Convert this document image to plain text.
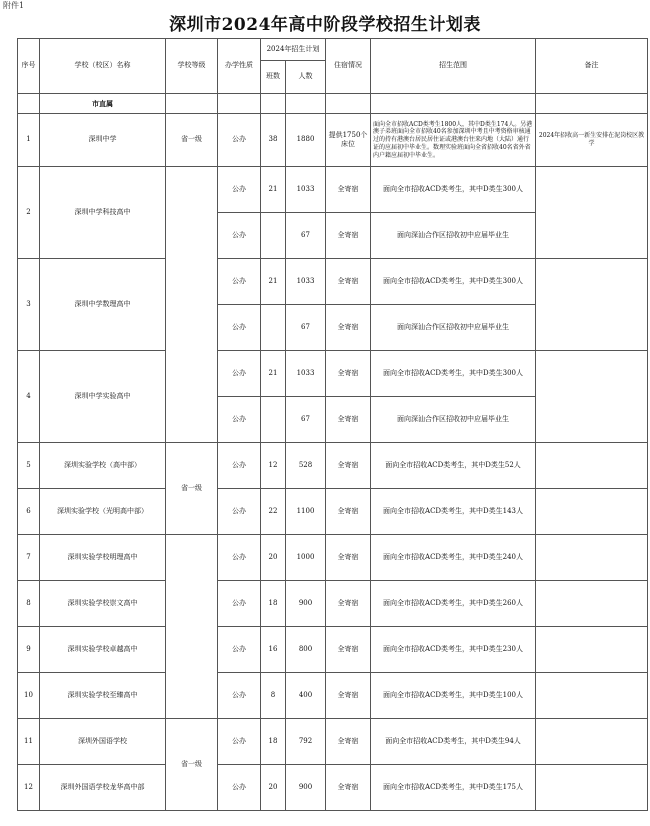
附件1
深圳市2024年高中阶段学校招生计划表
序号	学校（校区）名称	学校等级	办学性质	2024年招生计划		住宿情况	招生范围	备注
				班数	人数			
	市直属							
1	深圳中学	省一级	公办	38	1880	提供1750个床位	面向全市招收ACD类考生1800人，其中D类生174人。另港澳子弟班面向全市招收40名参加深圳中考且中考资格审核通过的持有港澳台居民居住证或港澳台往来内地（大陆）通行证的应届初中毕业生。数理实验班面向全省招收40名省外省内户籍应届初中毕业生。	2024年招收高一新生安排在泥岗校区教学
2	深圳中学科技高中		公办	21	1033	全寄宿	面向全市招收ACD类考生，其中D类生300人	
			公办		67	全寄宿	面向深汕合作区招收初中应届毕业生	
3	深圳中学数理高中		公办	21	1033	全寄宿	面向全市招收ACD类考生，其中D类生300人	
			公办		67	全寄宿	面向深汕合作区招收初中应届毕业生	
4	深圳中学实验高中		公办	21	1033	全寄宿	面向全市招收ACD类考生，其中D类生300人	
			公办		67	全寄宿	面向深汕合作区招收初中应届毕业生	
5	深圳实验学校（高中部）	省一级	公办	12	528	全寄宿	面向全市招收ACD类考生，其中D类生52人	
6	深圳实验学校（光明高中部）		公办	22	1100	全寄宿	面向全市招收ACD类考生，其中D类生143人	
7	深圳实验学校明理高中		公办	20	1000	全寄宿	面向全市招收ACD类考生，其中D类生240人	
8	深圳实验学校崇文高中		公办	18	900	全寄宿	面向全市招收ACD类考生，其中D类生260人	
9	深圳实验学校卓越高中		公办	16	800	全寄宿	面向全市招收ACD类考生，其中D类生230人	
10	深圳实验学校至臻高中		公办	8	400	全寄宿	面向全市招收ACD类考生，其中D类生100人	
11	深圳外国语学校	省一级	公办	18	792	全寄宿	面向全市招收ACD类考生，其中D类生94人	
12	深圳外国语学校龙华高中部		公办	20	900	全寄宿	面向全市招收ACD类考生，其中D类生175人	
